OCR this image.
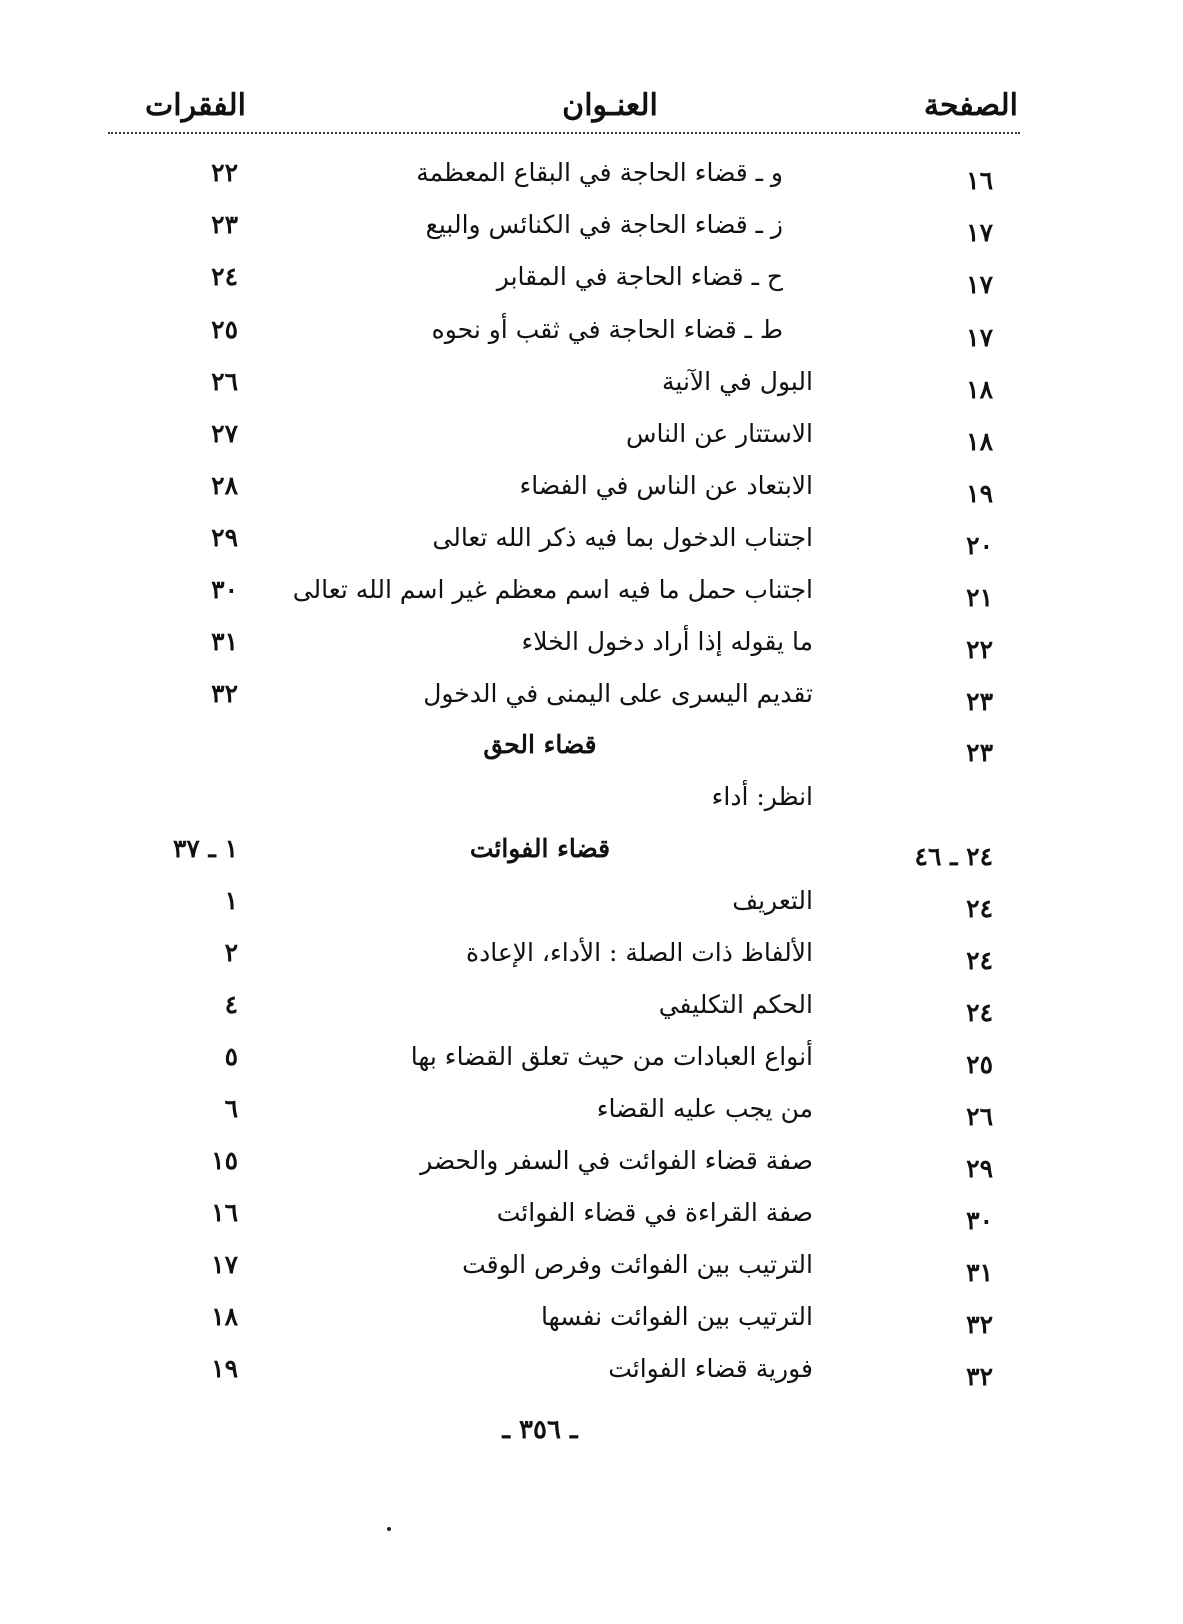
الصفحة
العنـوان
الفقرات
١٦
و ـ قضاء الحاجة في البقاع المعظمة
٢٢
١٧
ز ـ قضاء الحاجة في الكنائس والبيع
٢٣
١٧
ح ـ قضاء الحاجة في المقابر
٢٤
١٧
ط ـ قضاء الحاجة في ثقب أو نحوه
٢٥
١٨
البول في الآنية
٢٦
١٨
الاستتار عن الناس
٢٧
١٩
الابتعاد عن الناس في الفضاء
٢٨
٢٠
اجتناب الدخول بما فيه ذكر الله تعالى
٢٩
٢١
اجتناب حمل ما فيه اسم معظم غير اسم الله تعالى
٣٠
٢٢
ما يقوله إذا أراد دخول الخلاء
٣١
٢٣
تقديم اليسرى على اليمنى في الدخول
٣٢
٢٣
قضاء الحق
انظر: أداء
٢٤ ـ ٤٦
قضاء الفوائت
١ ـ ٣٧
٢٤
التعريف
١
٢٤
الألفاظ ذات الصلة : الأداء، الإعادة
٢
٢٤
الحكم التكليفي
٤
٢٥
أنواع العبادات من حيث تعلق القضاء بها
٥
٢٦
من يجب عليه القضاء
٦
٢٩
صفة قضاء الفوائت في السفر والحضر
١٥
٣٠
صفة القراءة في قضاء الفوائت
١٦
٣١
الترتيب بين الفوائت وفرص الوقت
١٧
٣٢
الترتيب بين الفوائت نفسها
١٨
٣٢
فورية قضاء الفوائت
١٩
ـ ٣٥٦ ـ
